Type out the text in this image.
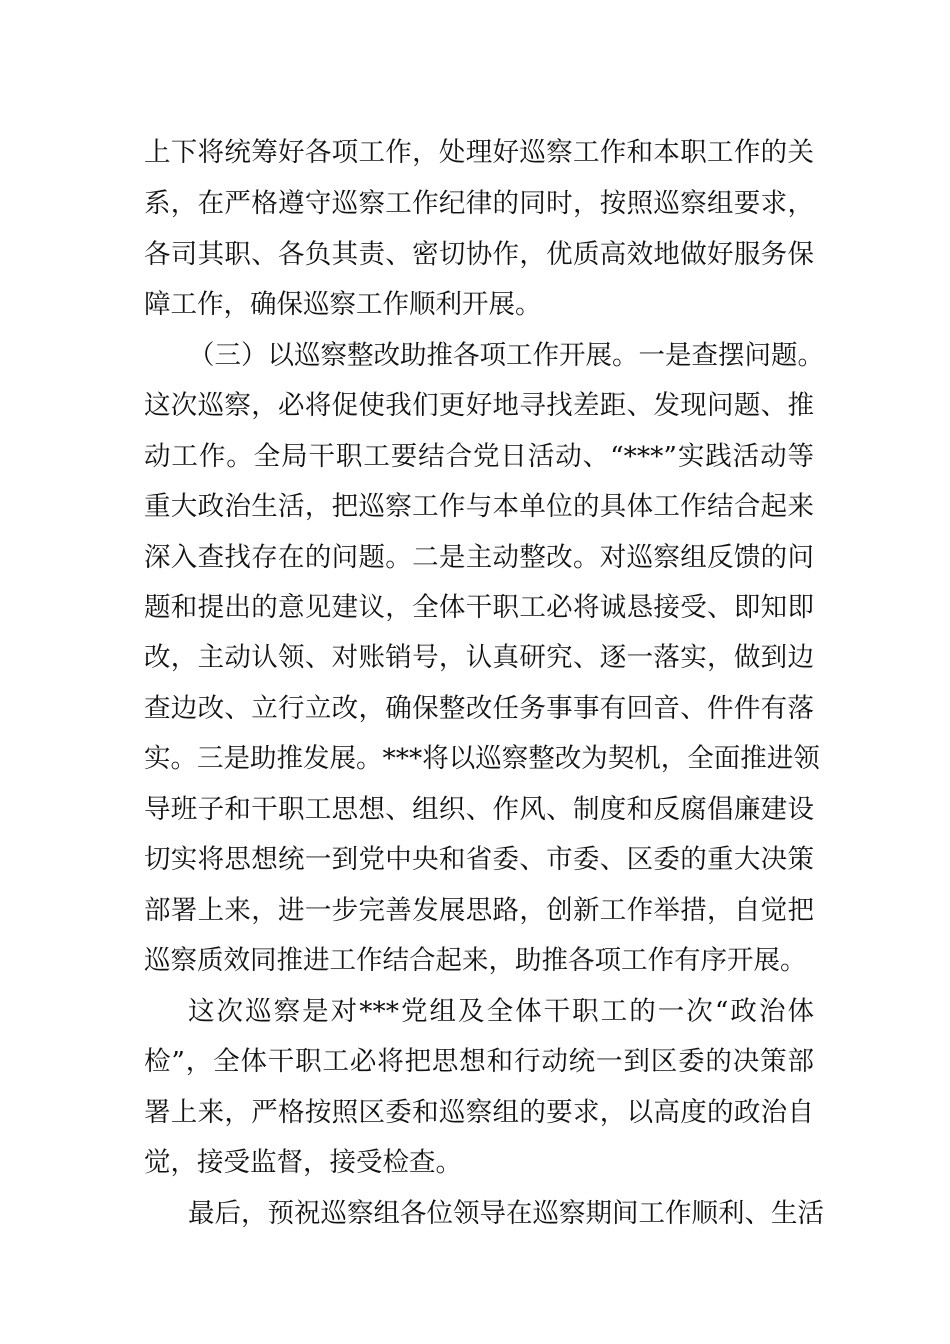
上下将统筹好各项工作，处理好巡察工作和本职工作的关
系，在严格遵守巡察工作纪律的同时，按照巡察组要求，
各司其职、各负其责、密切协作，优质高效地做好服务保
障工作，确保巡察工作顺利开展。
（三）以巡察整改助推各项工作开展。一是查摆问题。
这次巡察，必将促使我们更好地寻找差距、发现问题、推
动工作。全局干职工要结合党日活动、“***”实践活动等
重大政治生活，把巡察工作与本单位的具体工作结合起来
深入查找存在的问题。二是主动整改。对巡察组反馈的问
题和提出的意见建议，全体干职工必将诚恳接受、即知即
改，主动认领、对账销号，认真研究、逐一落实，做到边
查边改、立行立改，确保整改任务事事有回音、件件有落
实。三是助推发展。***将以巡察整改为契机，全面推进领
导班子和干职工思想、组织、作风、制度和反腐倡廉建设
切实将思想统一到党中央和省委、市委、区委的重大决策
部署上来，进一步完善发展思路，创新工作举措，自觉把
巡察质效同推进工作结合起来，助推各项工作有序开展。
这次巡察是对***党组及全体干职工的一次“政治体
检”，全体干职工必将把思想和行动统一到区委的决策部
署上来，严格按照区委和巡察组的要求，以高度的政治自
觉，接受监督，接受检查。
最后，预祝巡察组各位领导在巡察期间工作顺利、生活
